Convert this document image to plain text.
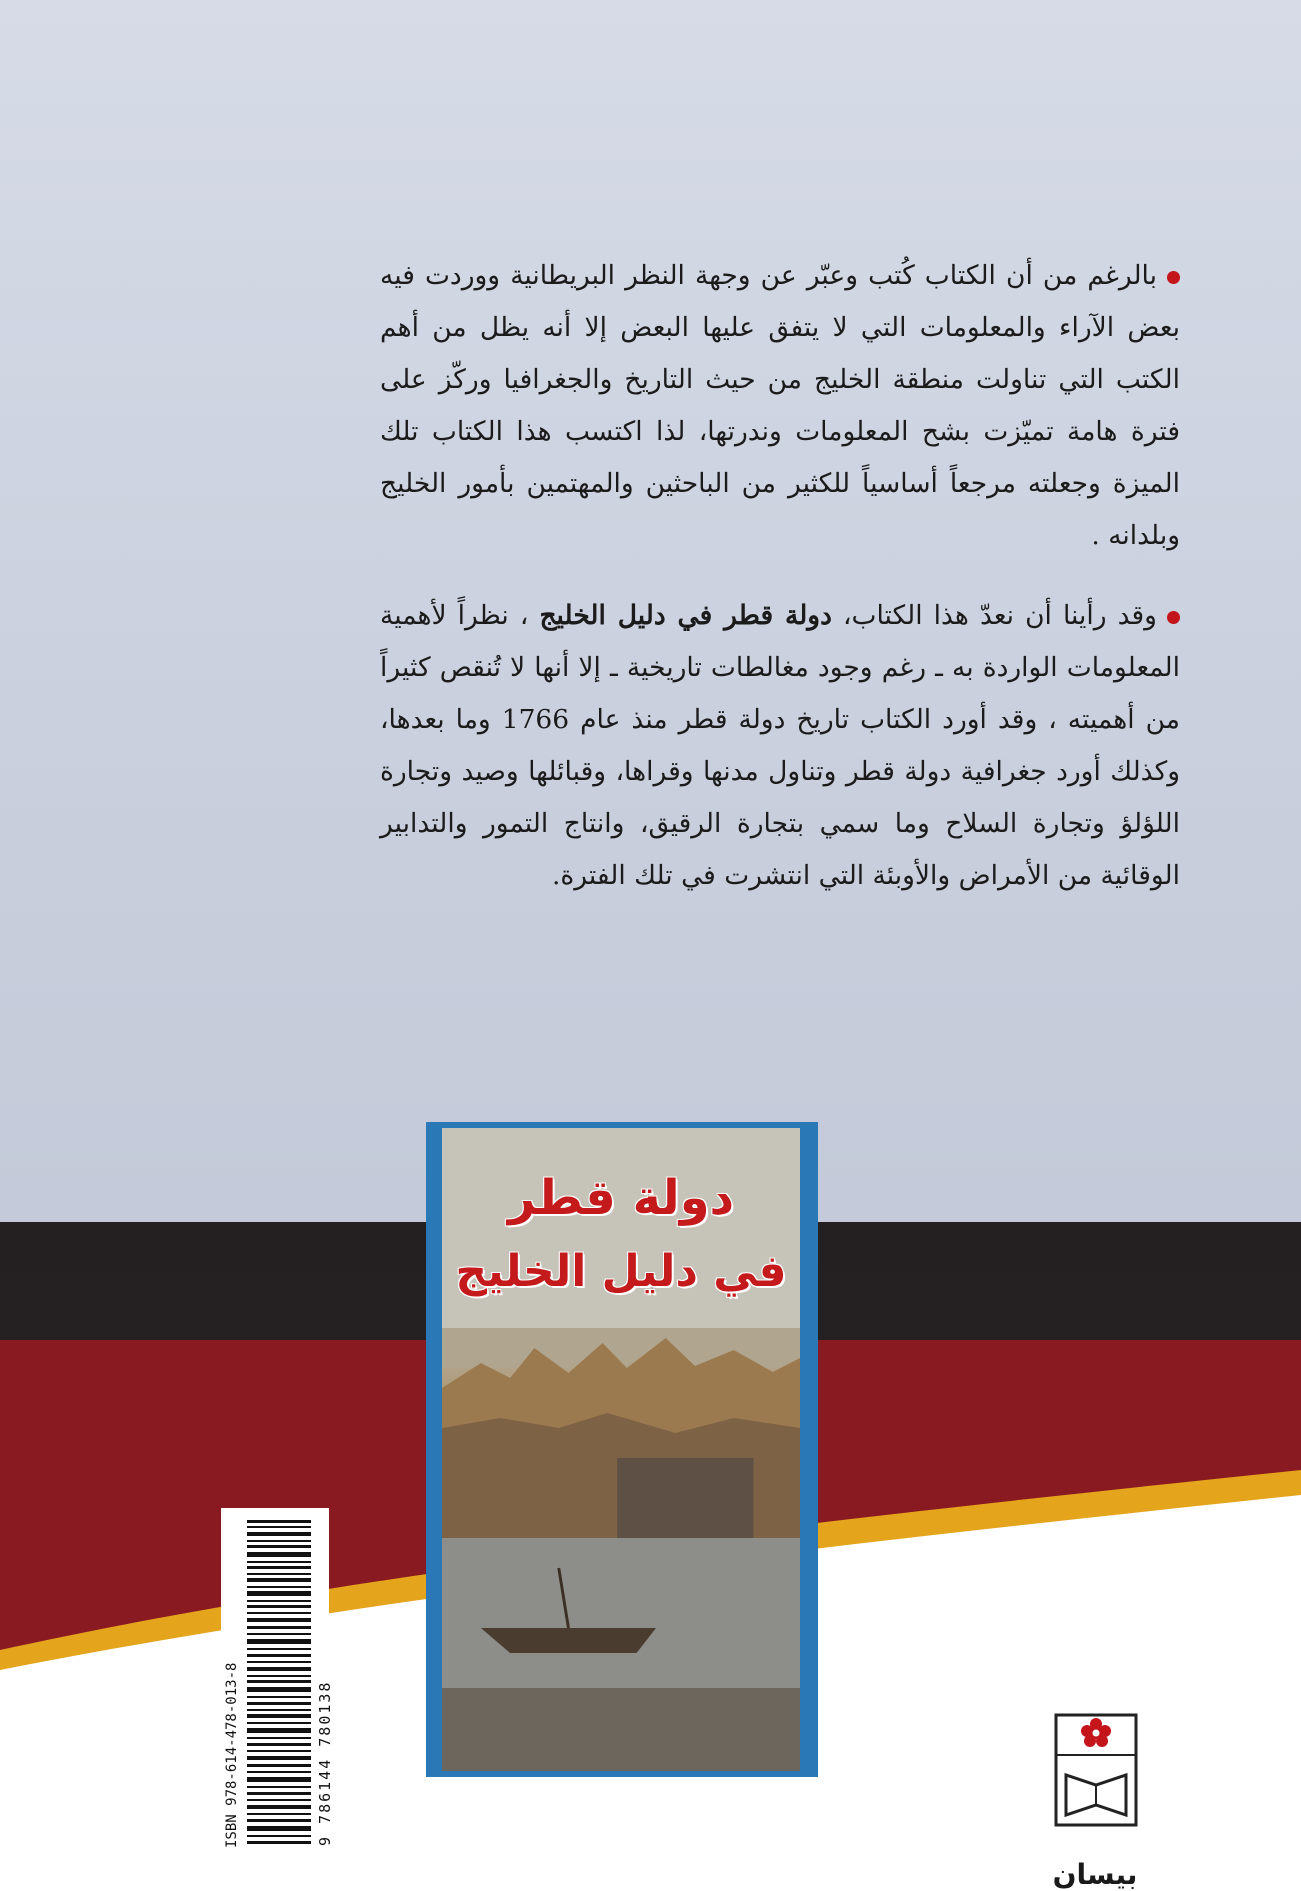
بالرغم من أن الكتاب كُتب وعبّر عن وجهة النظر البريطانية ووردت فيه بعض الآراء والمعلومات التي لا يتفق عليها البعض إلا أنه يظل من أهم الكتب التي تناولت منطقة الخليج من حيث التاريخ والجغرافيا وركّز على فترة هامة تميّزت بشح المعلومات وندرتها، لذا اكتسب هذا الكتاب تلك الميزة وجعلته مرجعاً أساسياً للكثير من الباحثين والمهتمين بأمور الخليج وبلدانه .

وقد رأينا أن نعدّ هذا الكتاب، دولة قطر في دليل الخليج ، نظراً لأهمية المعلومات الواردة به ـ رغم وجود مغالطات تاريخية ـ إلا أنها لا تُنقص كثيراً من أهميته ، وقد أورد الكتاب تاريخ دولة قطر منذ عام 1766 وما بعدها، وكذلك أورد جغرافية دولة قطر وتناول مدنها وقراها، وقبائلها وصيد وتجارة اللؤلؤ وتجارة السلاح وما سمي بتجارة الرقيق، وانتاج التمور والتدابير الوقائية من الأمراض والأوبئة التي انتشرت في تلك الفترة.

دولة قطر
في دليل الخليج
ISBN 978-614-478-013-8	9 786144 780138
بيسان
